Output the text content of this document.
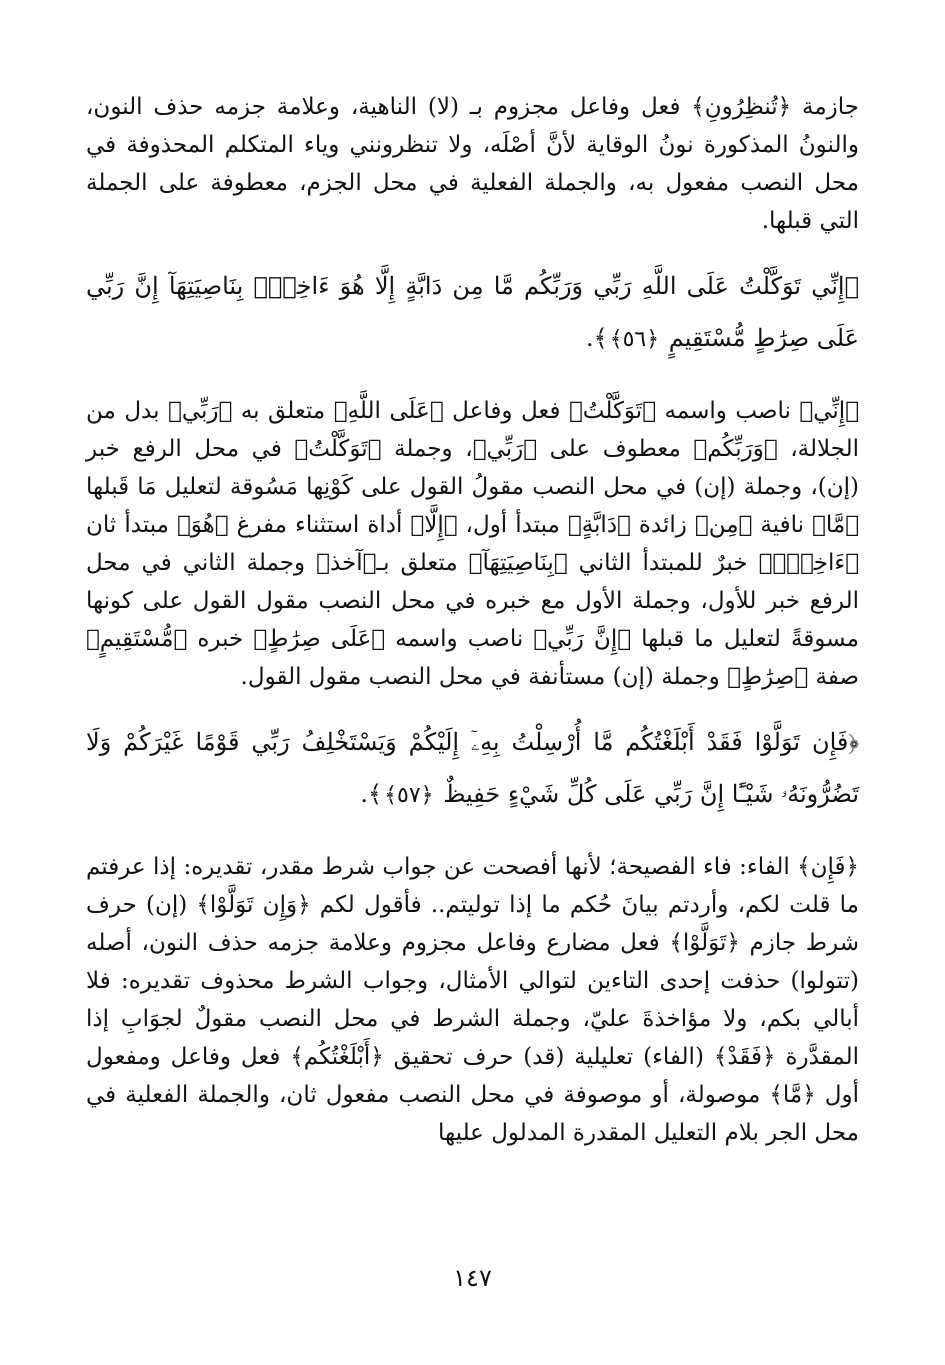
جازمة ﴿تُنظِرُونِ﴾ فعل وفاعل مجزوم بـ (لا) الناهية، وعلامة جزمه حذف النون، والنونُ المذكورة نونُ الوقاية لأنَّ أصْلَه، ولا تنظرونني وياء المتكلم المحذوفة في محل النصب مفعول به، والجملة الفعلية في محل الجزم، معطوفة على الجملة التي قبلها.

﴿إِنِّي تَوَكَّلْتُ عَلَى اللَّهِ رَبِّي وَرَبِّكُم مَّا مِن دَابَّةٍ إِلَّا هُوَ ءَاخِذُۢ بِنَاصِيَتِهَآ إِنَّ رَبِّي عَلَى صِرَٰطٍ مُّسْتَقِيمٍ ﴿٥٦﴾﴾.

﴿إِنِّي﴾ ناصب واسمه ﴿تَوَكَّلْتُ﴾ فعل وفاعل ﴿عَلَى اللَّهِ﴾ متعلق به ﴿رَبِّي﴾ بدل من الجلالة، ﴿وَرَبِّكُم﴾ معطوف على ﴿رَبِّي﴾، وجملة ﴿تَوَكَّلْتُ﴾ في محل الرفع خبر (إن)، وجملة (إن) في محل النصب مقولُ القول على كَوْنِها مَسُوقة لتعليل مَا قَبلها ﴿مَّا﴾ نافية ﴿مِن﴾ زائدة ﴿دَابَّةٍ﴾ مبتدأ أول، ﴿إِلَّا﴾ أداة استثناء مفرغ ﴿هُوَ﴾ مبتدأ ثان ﴿ءَاخِذُۢ﴾ خبرٌ للمبتدأ الثاني ﴿بِنَاصِيَتِهَآ﴾ متعلق بـ﴿آخذ﴾ وجملة الثاني في محل الرفع خبر للأول، وجملة الأول مع خبره في محل النصب مقول القول على كونها مسوقةً لتعليل ما قبلها ﴿إِنَّ رَبِّي﴾ ناصب واسمه ﴿عَلَى صِرَٰطٍ﴾ خبره ﴿مُّسْتَقِيمٍ﴾ صفة ﴿صِرَٰطٍ﴾ وجملة (إن) مستأنفة في محل النصب مقول القول.

﴿فَإِن تَوَلَّوْا فَقَدْ أَبْلَغْتُكُم مَّا أُرْسِلْتُ بِهِۦٓ إِلَيْكُمْ وَيَسْتَخْلِفُ رَبِّي قَوْمًا غَيْرَكُمْ وَلَا تَضُرُّونَهُۥ شَيْـًٔا إِنَّ رَبِّي عَلَى كُلِّ شَيْءٍ حَفِيظٌ ﴿٥٧﴾﴾.

﴿فَإِن﴾ الفاء: فاء الفصيحة؛ لأنها أفصحت عن جواب شرط مقدر، تقديره: إذا عرفتم ما قلت لكم، وأردتم بيانَ حُكم ما إذا توليتم.. فأقول لكم ﴿وَإِن تَوَلَّوْا﴾ (إن) حرف شرط جازم ﴿تَوَلَّوْا﴾ فعل مضارع وفاعل مجزوم وعلامة جزمه حذف النون، أصله (تتولوا) حذفت إحدى التاءين لتوالي الأمثال، وجواب الشرط محذوف تقديره: فلا أبالي بكم، ولا مؤاخذةَ عليّ، وجملة الشرط في محل النصب مقولٌ لجوَابِ إذا المقدَّرة ﴿فَقَدْ﴾ (الفاء) تعليلية (قد) حرف تحقيق ﴿أَبْلَغْتُكُم﴾ فعل وفاعل ومفعول أول ﴿مَّا﴾ موصولة، أو موصوفة في محل النصب مفعول ثان، والجملة الفعلية في محل الجر بلام التعليل المقدرة المدلول عليها

١٤٧
